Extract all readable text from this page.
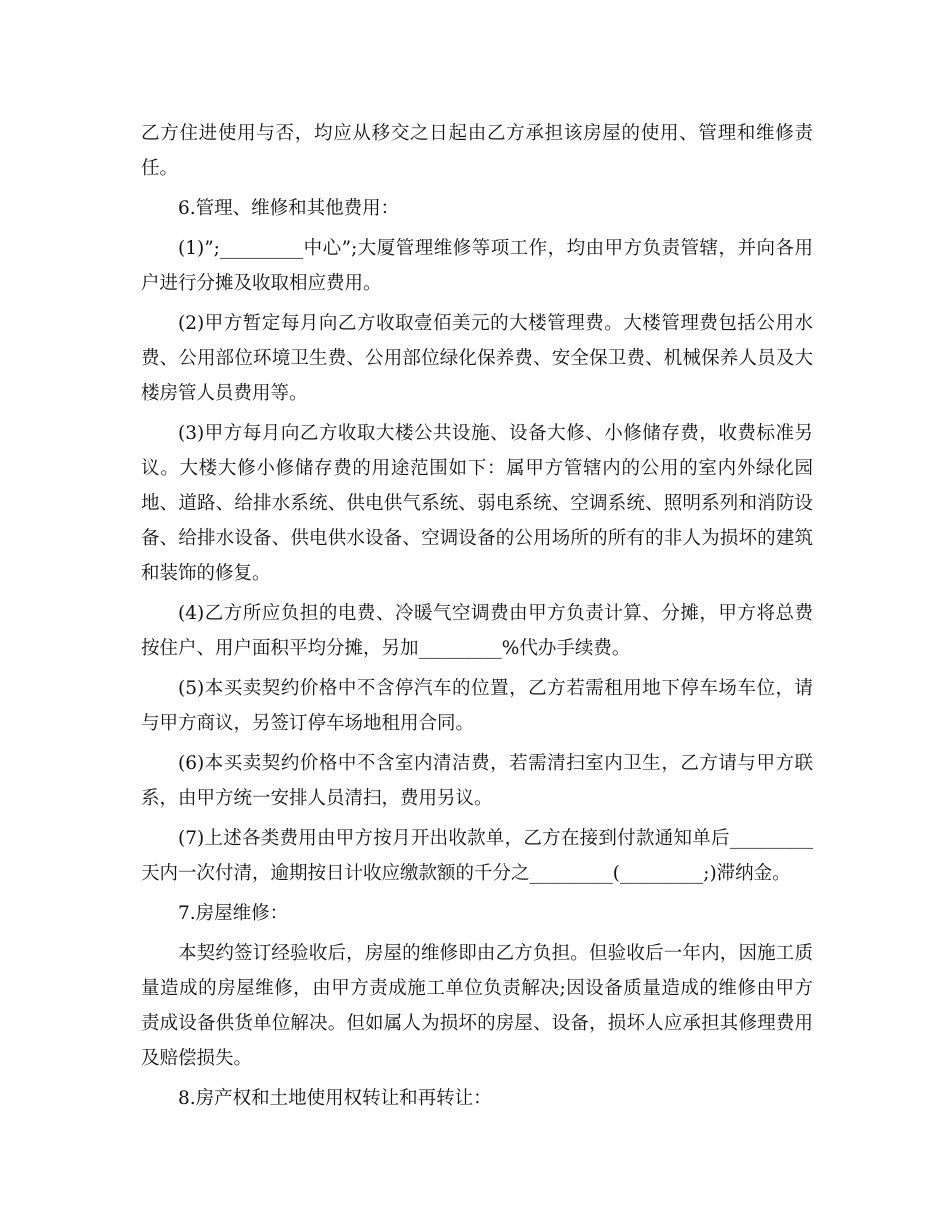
乙方住进使用与否，均应从移交之日起由乙方承担该房屋的使用、管理和维修责任。

6.管理、维修和其他费用：

(1)”;_________中心”;大厦管理维修等项工作，均由甲方负责管辖，并向各用户进行分摊及收取相应费用。

(2)甲方暂定每月向乙方收取壹佰美元的大楼管理费。大楼管理费包括公用水费、公用部位环境卫生费、公用部位绿化保养费、安全保卫费、机械保养人员及大楼房管人员费用等。

(3)甲方每月向乙方收取大楼公共设施、设备大修、小修储存费，收费标准另议。大楼大修小修储存费的用途范围如下：属甲方管辖内的公用的室内外绿化园地、道路、给排水系统、供电供气系统、弱电系统、空调系统、照明系列和消防设备、给排水设备、供电供水设备、空调设备的公用场所的所有的非人为损坏的建筑和装饰的修复。

(4)乙方所应负担的电费、冷暖气空调费由甲方负责计算、分摊，甲方将总费按住户、用户面积平均分摊，另加_________%代办手续费。

(5)本买卖契约价格中不含停汽车的位置，乙方若需租用地下停车场车位，请与甲方商议，另签订停车场地租用合同。

(6)本买卖契约价格中不含室内清洁费，若需清扫室内卫生，乙方请与甲方联系，由甲方统一安排人员清扫，费用另议。

(7)上述各类费用由甲方按月开出收款单，乙方在接到付款通知单后_________天内一次付清，逾期按日计收应缴款额的千分之_________(_________;)滞纳金。

7.房屋维修：

本契约签订经验收后，房屋的维修即由乙方负担。但验收后一年内，因施工质量造成的房屋维修，由甲方责成施工单位负责解决;因设备质量造成的维修由甲方责成设备供货单位解决。但如属人为损坏的房屋、设备，损坏人应承担其修理费用及赔偿损失。

8.房产权和土地使用权转让和再转让：
